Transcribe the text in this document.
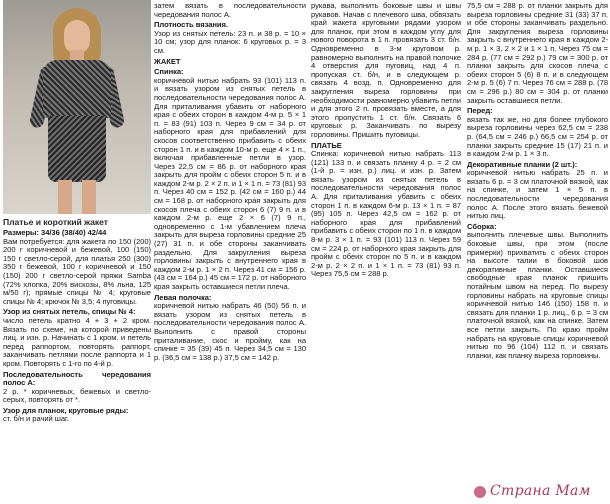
Платье и короткий жакет

Размеры: 34/36 (38/40) 42/44

Вам потребуется: для жакета по 150 (200) 200 г коричневой и бежевой, 100 (150) 150 г светло-серой, для платья 250 (300) 350 г бежевой, 100 г коричневой и 150 (150) 200 г светло-серой пряжи Samba (72% хлопка, 20% вискозы, 8% льна, 125 м/50 г); прямые спицы № 4; круговые спицы № 4; крючок № 3,5; 4 пуговицы.

Узор из снятых петель, спицы № 4:

число петель кратно 4 + 3 + 2 кром. Вязать по схеме, на которой приведены лиц. и изн. р. Начинать с 1 кром. и петель перед раппортом, повторять раппорт, заканчивать петлями после раппорта и 1 кром. Повторять с 1-го по 4-й р.

Последовательность чередования полос А:

2 р. * коричневых, бежевых и светло-серых, повторять от *.

Узор для планок, круговые ряды:

ст. б/н и рачий шаг.

затем вязать в последовательности чередования полос А.

Плотность вязания.

Узор из снятых петель: 23 п. и 38 р. = 10 × 10 см; узор для планок: 6 круговых р. = 3 см.

ЖАКЕТ

Спинка:

коричневой нитью набрать 93 (101) 113 п. и вязать узором из снятых петель в последовательности чередования полос А. Для приталивания убавить от наборного края с обеих сторон в каждом 4-м р. 5 × 1 п. = 83 (91) 103 п. Через 9 см = 34 р. от наборного края для прибавлений для скосов соответственно прибавить с обеих сторон 1 п. и в каждом 10-м р. еще 4 × 1 п., включая прибавленные петли в узор. Через 22,5 см = 86 р. от наборного края закрыть для пройм с обеих сторон 5 п. и в каждом 2-м р. 2 × 2 п. и 1 × 1 п. = 73 (81) 93 п. Через 40 см = 152 р. (42 см = 160 р.) 44 см = 168 р. от наборного края закрыть для скосов плеча с обеих сторон 6 (7) 9 п. и в каждом 2-м р. еще 2 × 6 (7) 9 п., одновременно с 1-м убавлением плеча закрыть для выреза горловины средние 25 (27) 31 п. и обе стороны заканчивать раздельно. Для закругления выреза горловины закрыть с внутреннего края в каждом 2-м р. 1 × 2 п. Через 41 см = 156 р. (43 см = 164 р.) 45 см = 172 р. от наборного края закрыть оставшиеся петли плеча.

Левая полочка:

коричневой нитью набрать 46 (50) 56 п. и вязать узором из снятых петель в последовательности чередования полос А. Выполнить с правой стороны приталивание, скос и пройму, как на спинке = 35 (39) 45 п. Через 34,5 см = 130 р. (36,5 см = 138 р.) 37,5 см = 142 р.

рукава, выполнить боковые швы и швы рукавов. Начав с плечевого шва, обвязать край жакета круговыми рядами узором для планок, при этом в каждом углу для нового поворота в 1 п. провязать 3 ст. б/н. Одновременно в 3-м круговом р. равномерно выполнить на правой полочке 4 отверстия для пуговиц, над 4 п. пропуская ст. б/н, и в следующем р. связать 4 возд. п. Одновременно для закругления выреза горловины при необходимости равномерно убавить петли и для этого 2 п. провязать вместе, а для этого пропустить 1 ст. б/н. Связать 6 круговых р. Заканчивать по вырезу горловины. Пришить пуговицы.

ПЛАТЬЕ

Спинка: коричневой нитью набрать 113 (121) 133 п. и связать планку 4 р. = 2 см (1-й р. = изн. р.) лиц. и изн. р. Затем вязать узором из снятых петель в последовательности чередования полос А. Для приталивания убавить с обеих сторон 1 п. в каждом 6-м р. 13 × 1 п. = 87 (95) 105 п. Через 42,5 см = 162 р. от наборного края для прибавлений прибавить с обеих сторон по 1 п. в каждом 8-м р. 3 × 1 п. = 93 (101) 113 п. Через 59 см = 224 р. от наборного края закрыть для пройм с обеих сторон по 5 п. и в каждом 2-м р. 2 × 2 п. и 1 × 1 п. = 73 (81) 93 п. Через 75,5 см = 288 р.

75,5 см = 288 р. от планки закрыть для выреза горловины средние 31 (33) 37 п. и обе стороны заканчивать раздельно. Для закругления выреза горловины закрыть с внутреннего края в каждом 2-м р. 1 × 3, 2 × 2 и 1 × 1 п. Через 75 см = 284 р. (77 см = 292 р.) 79 см = 300 р. от планки закрыть для скосов плеча с обеих сторон 5 (6) 8 п. и в следующем 2-м р. 5 (6) 7 п. Через 76 см = 288 р. (78 см = 296 р.) 80 см = 304 р. от планки закрыть оставшиеся петли.

Перед:

вязать так же, но для более глубокого выреза горловины через 62,5 см = 238 р. (64,5 см = 246 р.) 66,5 см = 254 р. от планки закрыть средние 15 (17) 21 п. и в каждом 2-м р. 1 × 3 п.

Декоративные планки (2 шт.):

коричневой нитью набрать 25 п. и вязать 6 р. = 3 см платочной вязкой, как на спинке, и затем 1 × 5 п. в последовательности чередования полос А. После этого вязать бежевой нитью лиц.

Сборка:

выполнить плечевые швы. Выполнить боковые швы, при этом (после примерки) прихватить с обеих сторон на высоте талии в боковой шов декоративные планки. Оставшиеся свободные края планок пришить потайным швом на перед. По вырезу горловины набрать на круговые спицы коричневой нитью 146 (150) 158 п. и связать для планки 1 р. лиц., 6 р. = 3 см платочной вязкой, как на спинке. Затем все петли закрыть. По краю пройм набрать на круговые спицы коричневой нитью по 96 (104) 112 п. и связать планки, как планку выреза горловины.

Страна Мам
